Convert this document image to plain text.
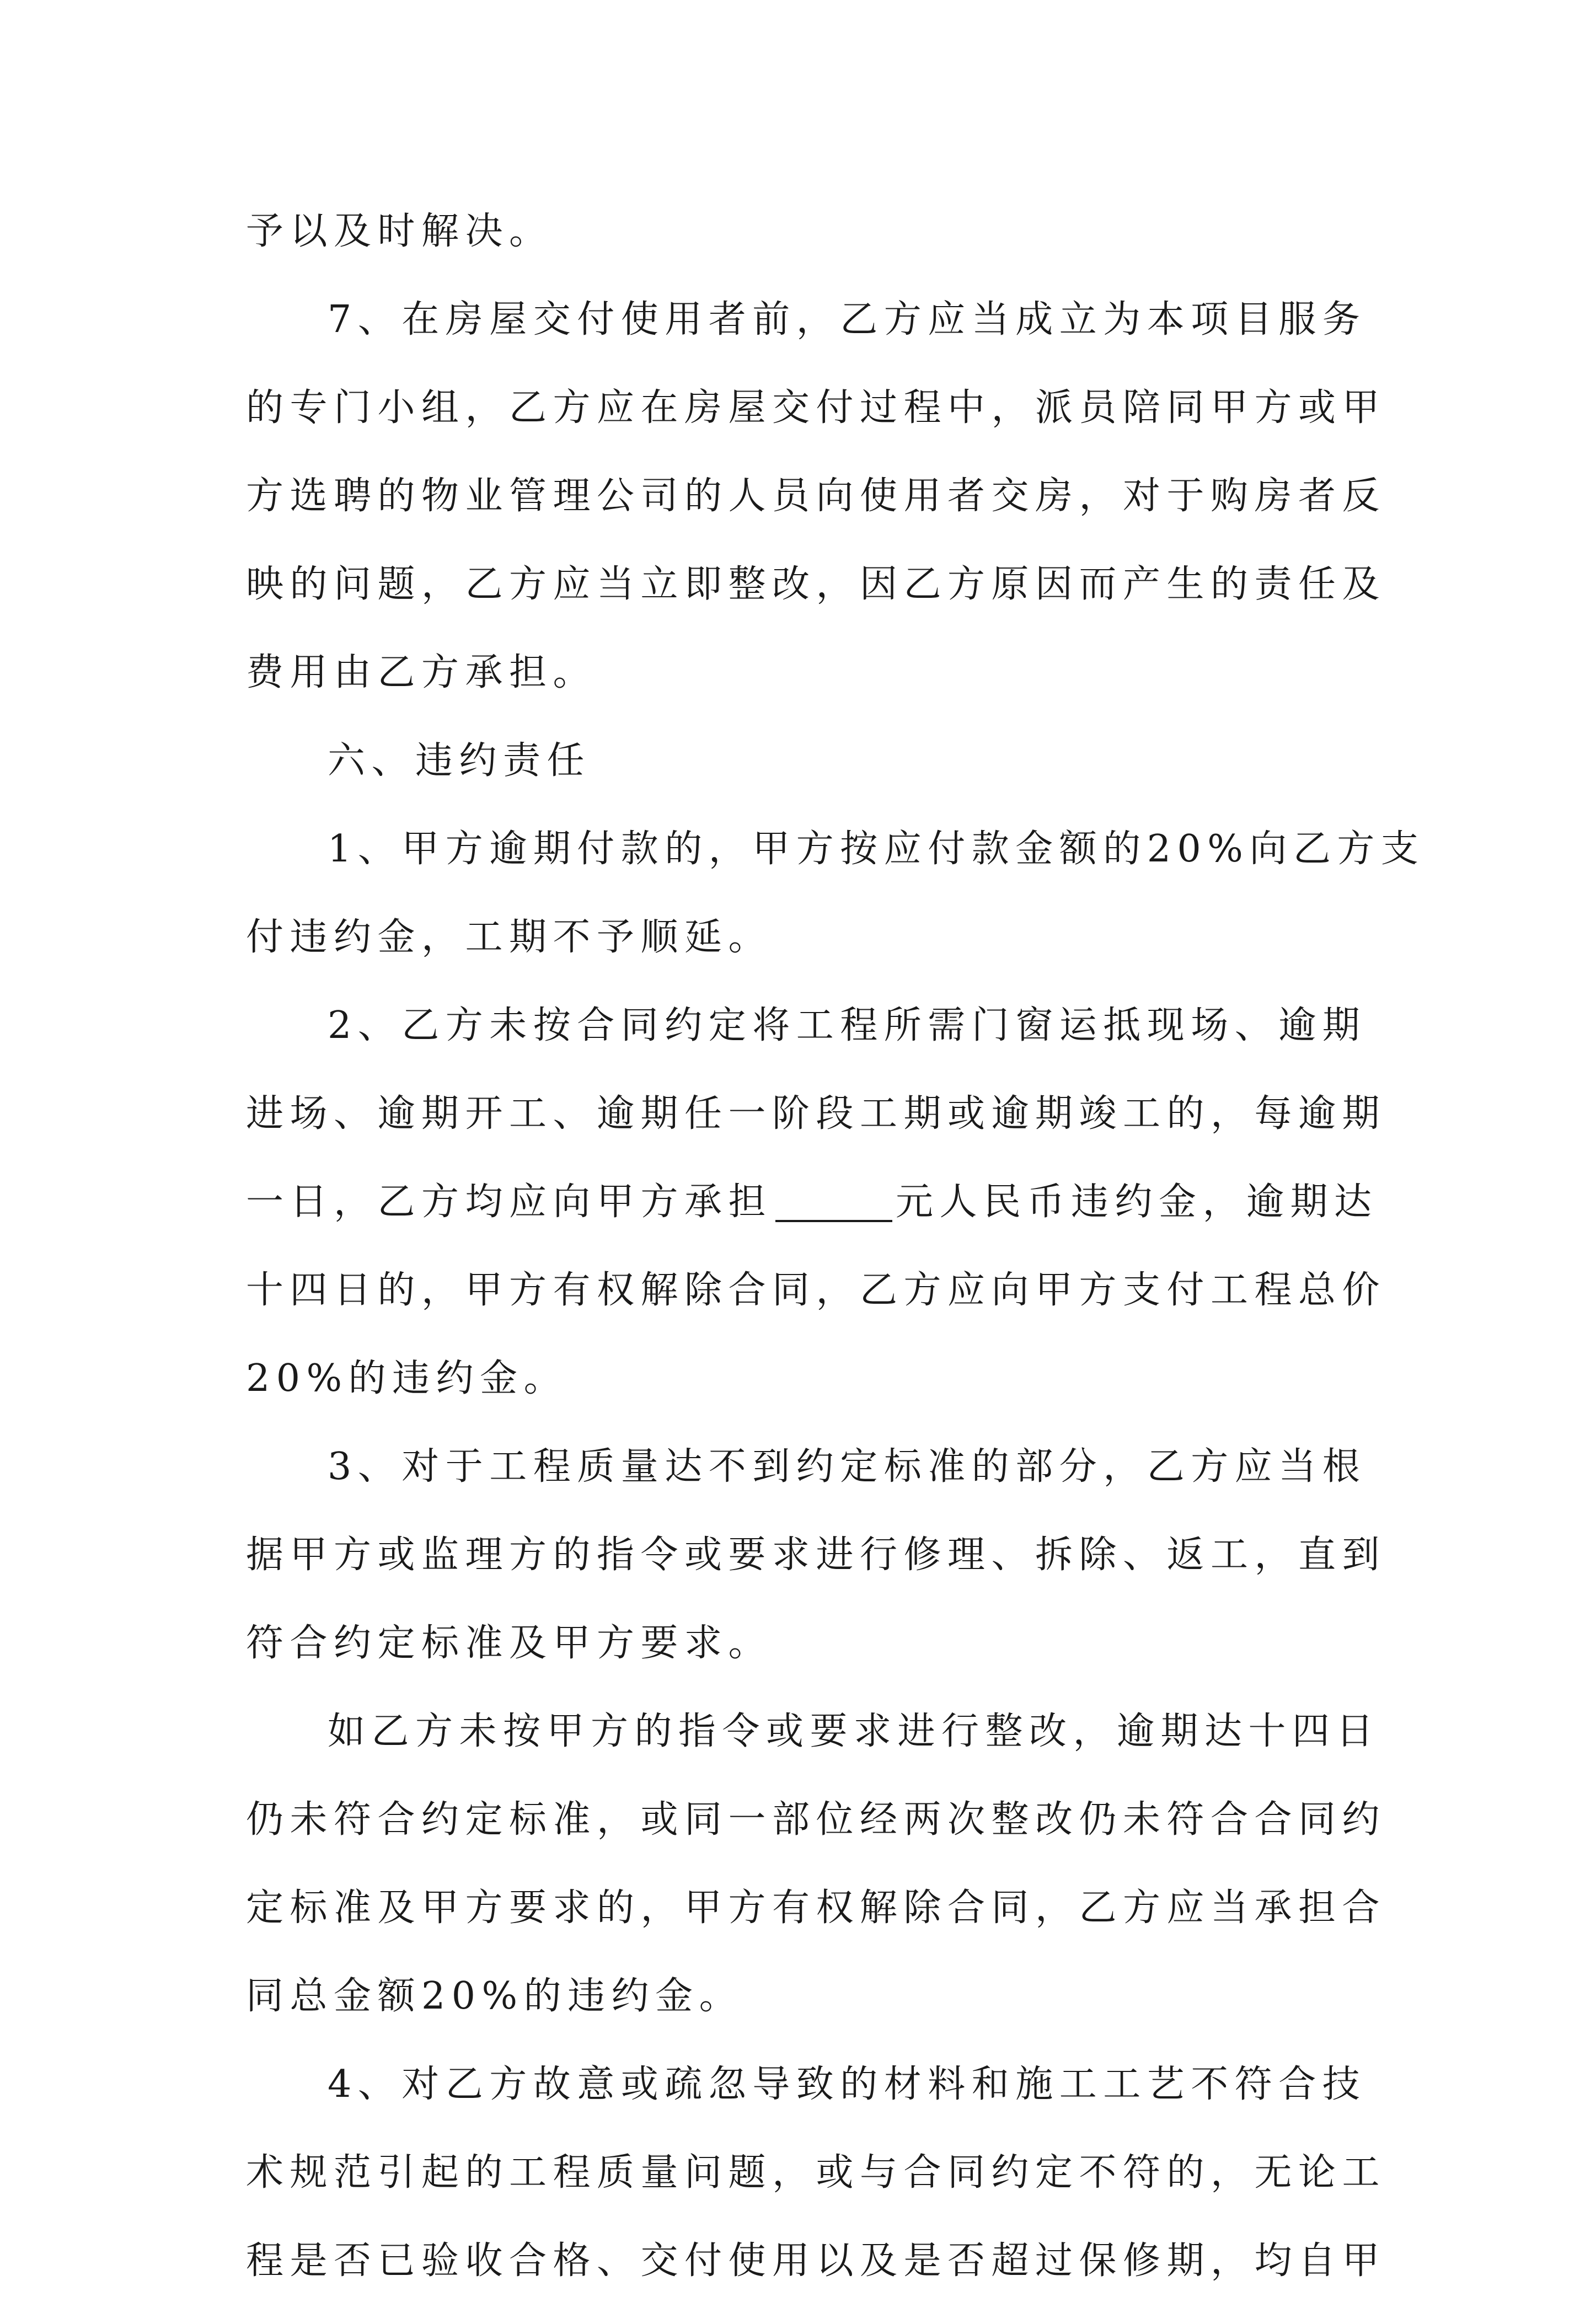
予以及时解决。
7、在房屋交付使用者前，乙方应当成立为本项目服务
的专门小组，乙方应在房屋交付过程中，派员陪同甲方或甲
方选聘的物业管理公司的人员向使用者交房，对于购房者反
映的问题，乙方应当立即整改，因乙方原因而产生的责任及
费用由乙方承担。
六、违约责任
1、甲方逾期付款的，甲方按应付款金额的20%向乙方支
付违约金，工期不予顺延。
2、乙方未按合同约定将工程所需门窗运抵现场、逾期
进场、逾期开工、逾期任一阶段工期或逾期竣工的，每逾期
一日，乙方均应向甲方承担	元人民币违约金，逾期达
十四日的，甲方有权解除合同，乙方应向甲方支付工程总价
20%的违约金。
3、对于工程质量达不到约定标准的部分，乙方应当根
据甲方或监理方的指令或要求进行修理、拆除、返工，直到
符合约定标准及甲方要求。
如乙方未按甲方的指令或要求进行整改，逾期达十四日
仍未符合约定标准，或同一部位经两次整改仍未符合合同约
定标准及甲方要求的，甲方有权解除合同，乙方应当承担合
同总金额20%的违约金。
4、对乙方故意或疏忽导致的材料和施工工艺不符合技
术规范引起的工程质量问题，或与合同约定不符的，无论工
程是否已验收合格、交付使用以及是否超过保修期，均自甲
